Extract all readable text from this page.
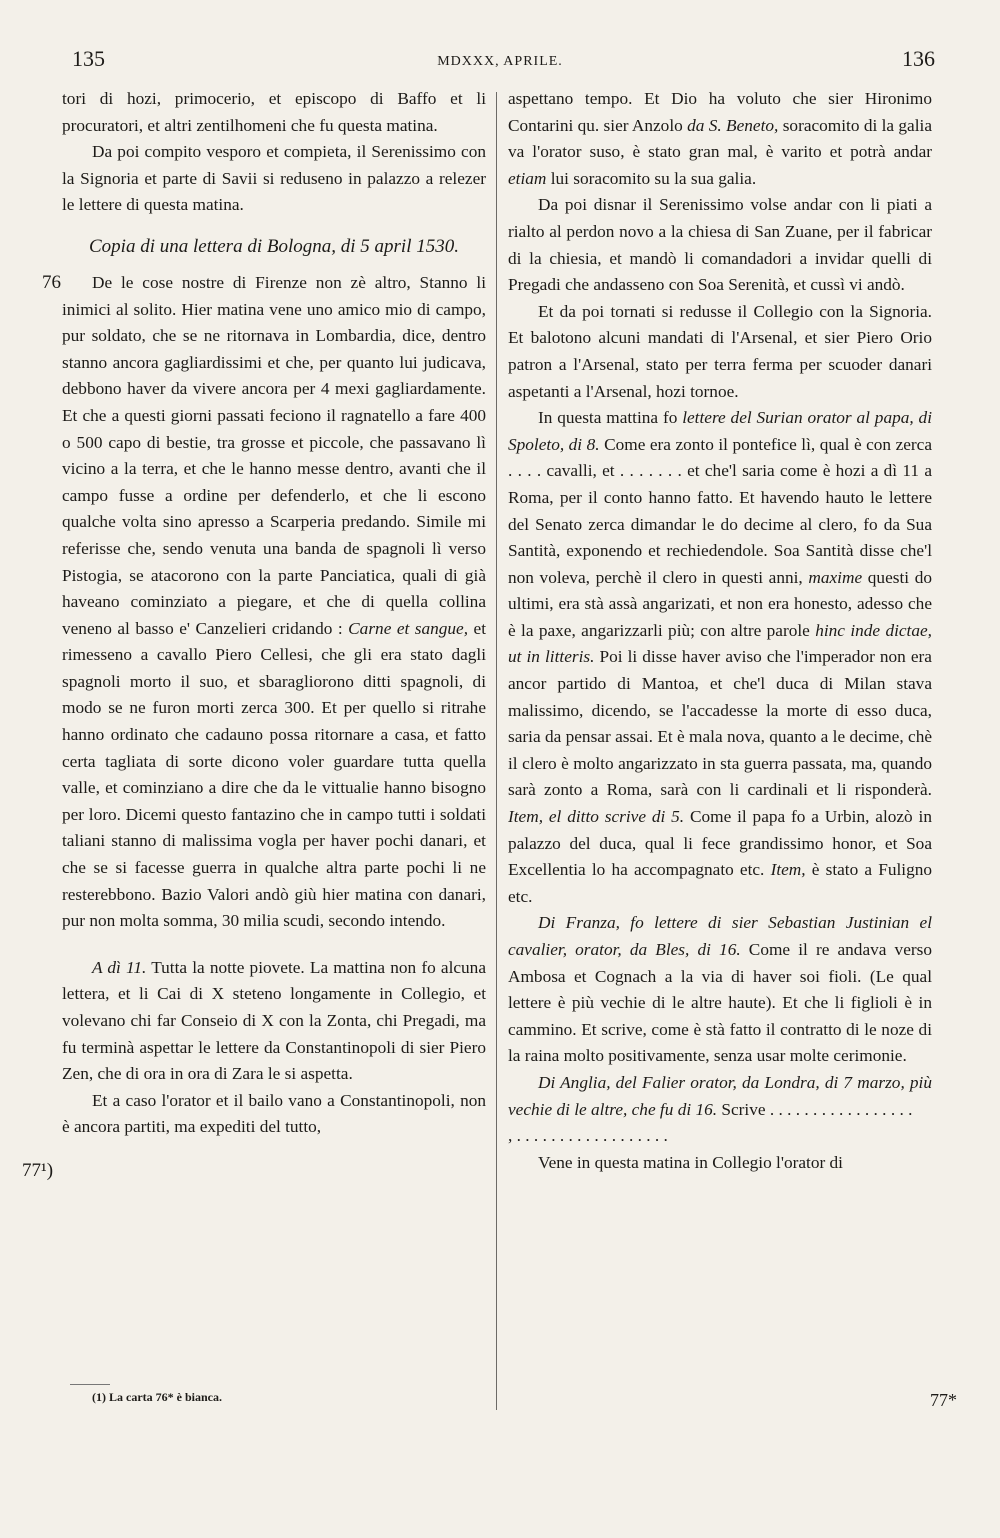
135	MDXXX, APRILE.	136
76
77¹)
77*

tori di hozi, primocerio, et episcopo di Baffo et li procuratori, et altri zentilhomeni che fu questa matina.

Da poi compito vesporo et compieta, il Serenissimo con la Signoria et parte di Savii si reduseno in palazzo a relezer le lettere di questa matina.

Copia di una lettera di Bologna, di 5 april 1530.

De le cose nostre di Firenze non zè altro, Stanno li inimici al solito. Hier matina vene uno amico mio di campo, pur soldato, che se ne ritornava in Lombardia, dice, dentro stanno ancora gagliardissimi et che, per quanto lui judicava, debbono haver da vivere ancora per 4 mexi gagliardamente. Et che a questi giorni passati feciono il ragnatello a fare 400 o 500 capo di bestie, tra grosse et piccole, che passavano lì vicino a la terra, et che le hanno messe dentro, avanti che il campo fusse a ordine per defenderlo, et che li escono qualche volta sino apresso a Scarperia predando. Simile mi referisse che, sendo venuta una banda de spagnoli lì verso Pistogia, se atacorono con la parte Panciatica, quali di già haveano cominziato a piegare, et che di quella collina veneno al basso e' Canzelieri cridando : Carne et sangue, et rimesseno a cavallo Piero Cellesi, che gli era stato dagli spagnoli morto il suo, et sbaragliorono ditti spagnoli, di modo se ne furon morti zerca 300. Et per quello si ritrahe hanno ordinato che cadauno possa ritornare a casa, et fatto certa tagliata di sorte dicono voler guardare tutta quella valle, et cominziano a dire che da le vittualie hanno bisogno per loro. Dicemi questo fantazino che in campo tutti i soldati taliani stanno di malissima vogla per haver pochi danari, et che se si facesse guerra in qualche altra parte pochi li ne resterebbono. Bazio Valori andò giù hier matina con danari, pur non molta somma, 30 milia scudi, secondo intendo.

A dì 11. Tutta la notte piovete. La mattina non fo alcuna lettera, et li Cai di X steteno longamente in Collegio, et volevano chi far Conseio di X con la Zonta, chi Pregadi, ma fu terminà aspettar le lettere da Constantinopoli di sier Piero Zen, che di ora in ora di Zara le si aspetta.

Et a caso l'orator et il bailo vano a Constantinopoli, non è ancora partiti, ma expediti del tutto,

(1) La carta 76* è bianca.

aspettano tempo. Et Dio ha voluto che sier Hironimo Contarini qu. sier Anzolo da S. Beneto, soracomito di la galia va l'orator suso, è stato gran mal, è varito et potrà andar etiam lui soracomito su la sua galia.

Da poi disnar il Serenissimo volse andar con li piati a rialto al perdon novo a la chiesa di San Zuane, per il fabricar di la chiesia, et mandò li comandadori a invidar quelli di Pregadi che andasseno con Soa Serenità, et cussì vi andò.

Et da poi tornati si redusse il Collegio con la Signoria. Et balotono alcuni mandati di l'Arsenal, et sier Piero Orio patron a l'Arsenal, stato per terra ferma per scuoder danari aspetanti a l'Arsenal, hozi tornoe.

In questa mattina fo lettere del Surian orator al papa, di Spoleto, di 8. Come era zonto il pontefice lì, qual è con zerca . . . . cavalli, et . . . . . . . et che'l saria come è hozi a dì 11 a Roma, per il conto hanno fatto. Et havendo hauto le lettere del Senato zerca dimandar le do decime al clero, fo da Sua Santità, exponendo et rechiedendole. Soa Santità disse che'l non voleva, perchè il clero in questi anni, maxime questi do ultimi, era stà assà angarizati, et non era honesto, adesso che è la paxe, angarizzarli più; con altre parole hinc inde dictae, ut in litteris. Poi li disse haver aviso che l'imperador non era ancor partido di Mantoa, et che'l duca di Milan stava malissimo, dicendo, se l'accadesse la morte di esso duca, saria da pensar assai. Et è mala nova, quanto a le decime, chè il clero è molto angarizzato in sta guerra passata, ma, quando sarà zonto a Roma, sarà con li cardinali et li risponderà. Item, el ditto scrive di 5. Come il papa fo a Urbin, alozò in palazzo del duca, qual li fece grandissimo honor, et Soa Excellentia lo ha accompagnato etc. Item, è stato a Fuligno etc.

Di Franza, fo lettere di sier Sebastian Justinian el cavalier, orator, da Bles, di 16. Come il re andava verso Ambosa et Cognach a la via di haver soi fioli. (Le qual lettere è più vechie di le altre haute). Et che li figlioli è in cammino. Et scrive, come è stà fatto il contratto di le noze di la raina molto positivamente, senza usar molte cerimonie.

Di Anglia, del Falier orator, da Londra, di 7 marzo, più vechie di le altre, che fu di 16. Scrive . . . . . . . . . . . . . . . . .

, . . . . . . . . . . . . . . . . . .

Vene in questa matina in Collegio l'orator di
